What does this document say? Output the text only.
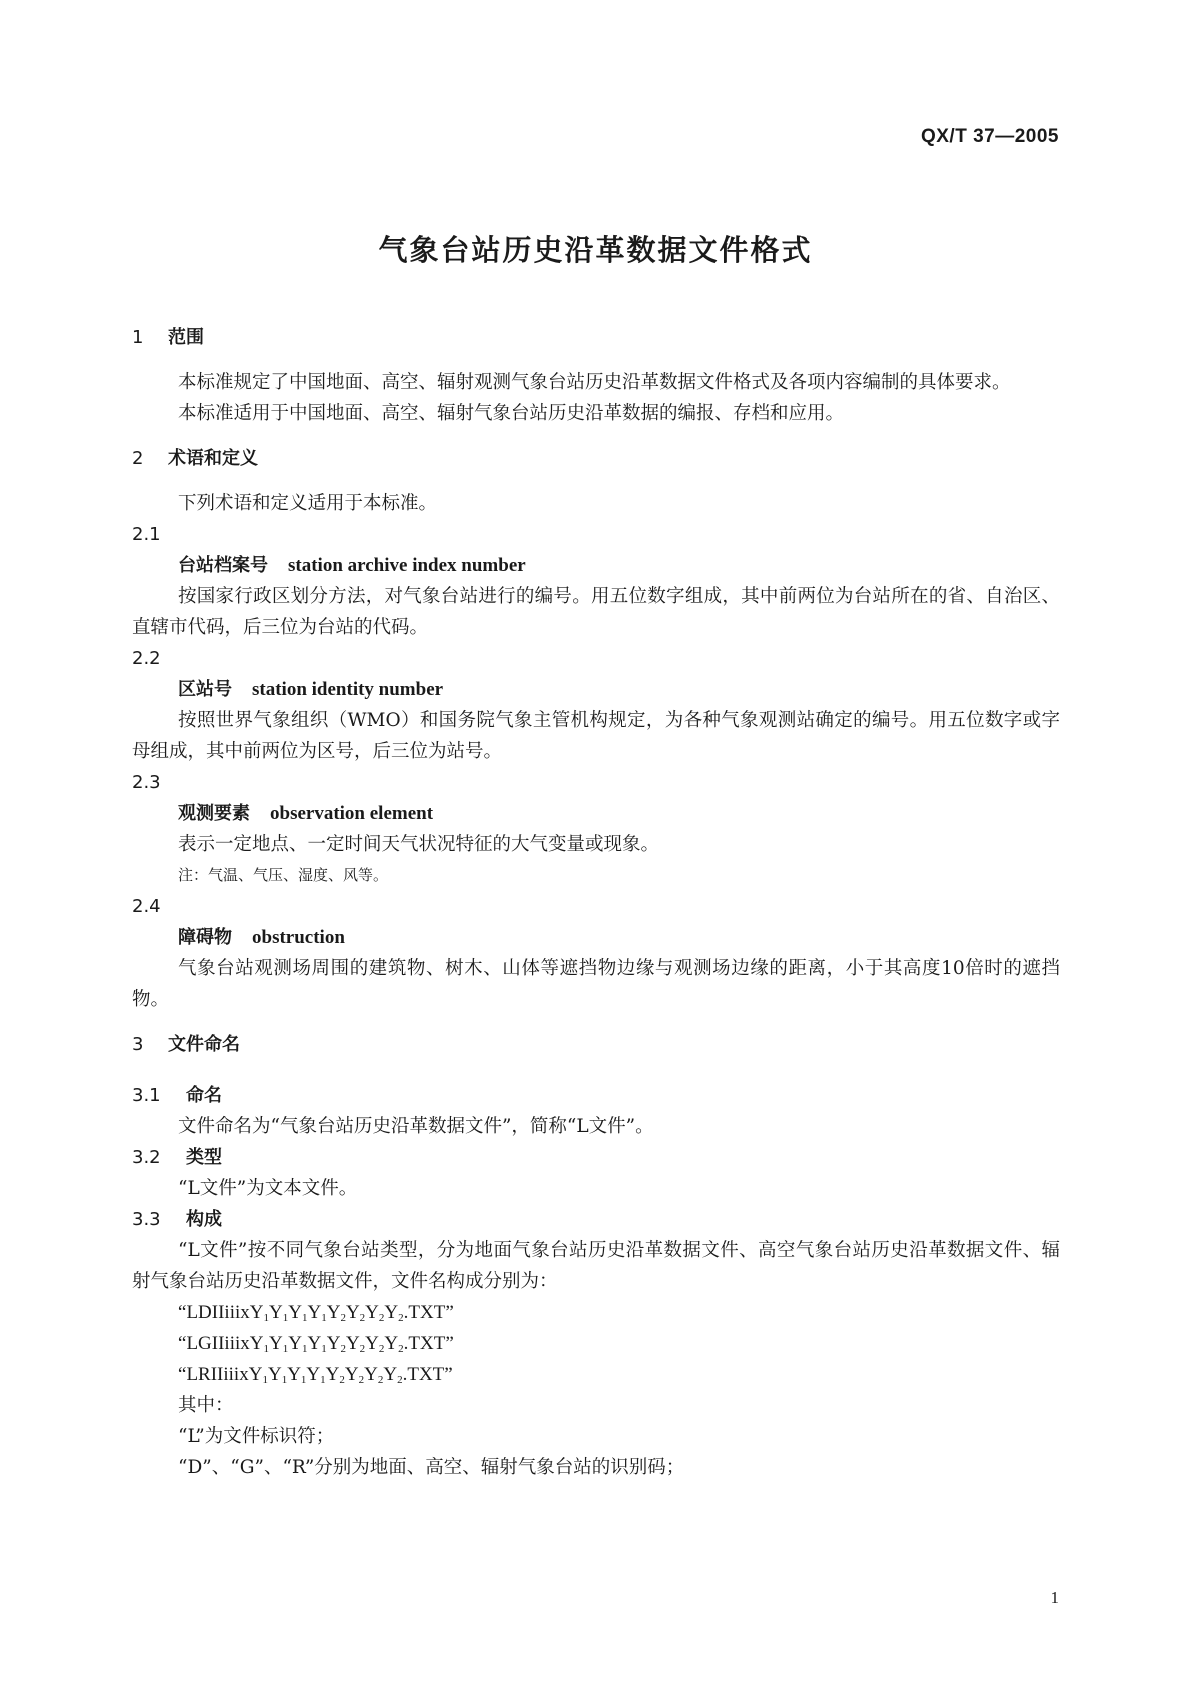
QX/T 37—2005
气象台站历史沿革数据文件格式
1 范围

本标准规定了中国地面、高空、辐射观测气象台站历史沿革数据文件格式及各项内容编制的具体要求。

本标准适用于中国地面、高空、辐射气象台站历史沿革数据的编报、存档和应用。

2 术语和定义

下列术语和定义适用于本标准。

2.1
台站档案号 station archive index number

按国家行政区划分方法，对气象台站进行的编号。用五位数字组成，其中前两位为台站所在的省、自治区、直辖市代码，后三位为台站的代码。

2.2
区站号 station identity number

按照世界气象组织（WMO）和国务院气象主管机构规定，为各种气象观测站确定的编号。用五位数字或字母组成，其中前两位为区号，后三位为站号。

2.3
观测要素 observation element

表示一定地点、一定时间天气状况特征的大气变量或现象。

注：气温、气压、湿度、风等。

2.4
障碍物 obstruction

气象台站观测场周围的建筑物、树木、山体等遮挡物边缘与观测场边缘的距离，小于其高度10倍时的遮挡物。

3 文件命名
3.1 命名

文件命名为“气象台站历史沿革数据文件”，简称“L文件”。

3.2 类型

“L文件”为文本文件。

3.3 构成

“L文件”按不同气象台站类型，分为地面气象台站历史沿革数据文件、高空气象台站历史沿革数据文件、辐射气象台站历史沿革数据文件，文件名构成分别为：

“$LDIIiiixY_1Y_1Y_1Y_1Y_2Y_2Y_2Y_2.TXT$”

“$LGIIiiixY_1Y_1Y_1Y_1Y_2Y_2Y_2Y_2.TXT$”

“$LRIIiiixY_1Y_1Y_1Y_1Y_2Y_2Y_2Y_2.TXT$”

其中：

“L”为文件标识符；

“D”、“G”、“R”分别为地面、高空、辐射气象台站的识别码；

1
